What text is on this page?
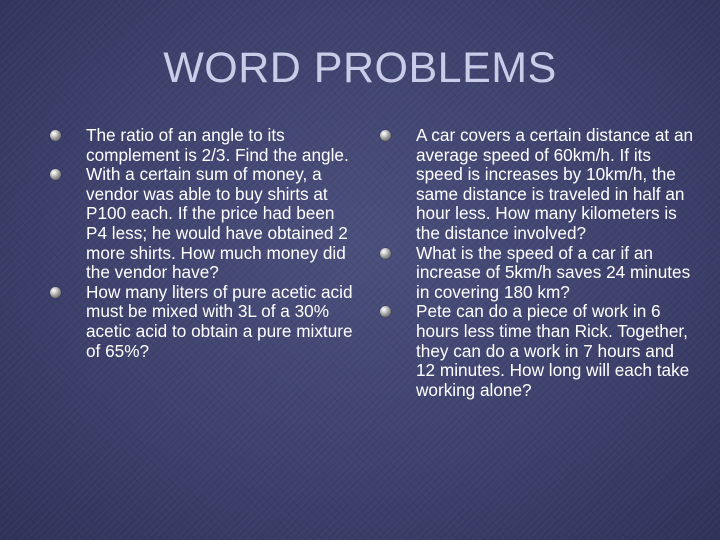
WORD PROBLEMS
The ratio of an angle to its complement is 2/3. Find the angle.
With a certain sum of money, a vendor was able to buy shirts at P100 each. If the price had been P4 less; he would have obtained 2 more shirts. How much money did the vendor have?
How many liters of pure acetic acid must be mixed with 3L of a 30% acetic acid to obtain a pure mixture of 65%?
A car covers a certain distance at an average speed of 60km/h. If its speed is increases by 10km/h, the same distance is traveled in half an hour less. How many kilometers is the distance involved?
What is the speed of a car if an increase of 5km/h saves 24 minutes in covering 180 km?
Pete can do a piece of work in 6 hours less time than Rick. Together, they can do a work in 7 hours and 12 minutes. How long will each take working alone?
